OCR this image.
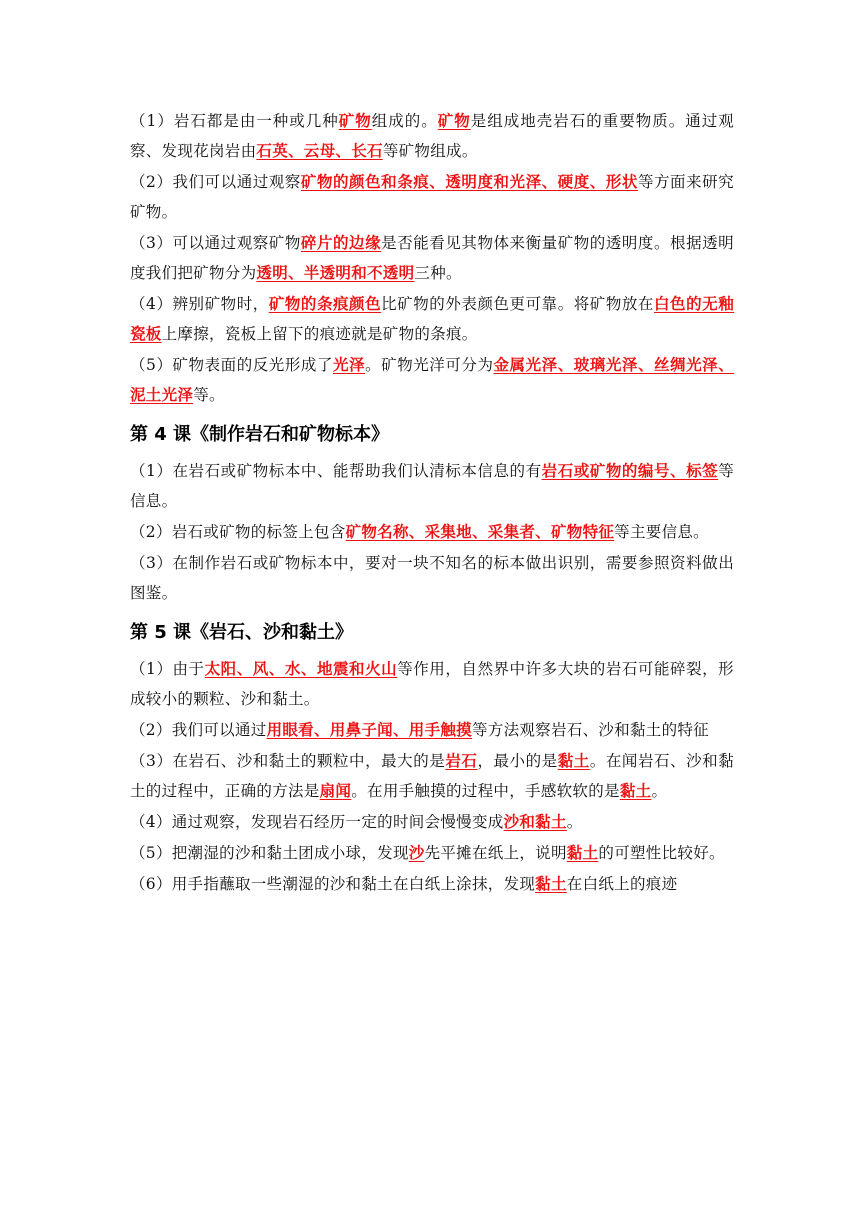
（1）岩石都是由一种或几种矿物组成的。矿物是组成地壳岩石的重要物质。通过观察、发现花岗岩由石英、云母、长石等矿物组成。

（2）我们可以通过观察矿物的颜色和条痕、透明度和光泽、硬度、形状等方面来研究矿物。

（3）可以通过观察矿物碎片的边缘是否能看见其物体来衡量矿物的透明度。根据透明度我们把矿物分为透明、半透明和不透明三种。

（4）辨别矿物时，矿物的条痕颜色比矿物的外表颜色更可靠。将矿物放在白色的无釉瓷板上摩擦，瓷板上留下的痕迹就是矿物的条痕。

（5）矿物表面的反光形成了光泽。矿物光洋可分为金属光泽、玻璃光泽、丝绸光泽、泥土光泽等。

第 4 课《制作岩石和矿物标本》

（1）在岩石或矿物标本中、能帮助我们认清标本信息的有岩石或矿物的编号、标签等信息。

（2）岩石或矿物的标签上包含矿物名称、采集地、采集者、矿物特征等主要信息。

（3）在制作岩石或矿物标本中，要对一块不知名的标本做出识别，需要参照资料做出图鉴。

第 5 课《岩石、沙和黏土》

（1）由于太阳、风、水、地震和火山等作用，自然界中许多大块的岩石可能碎裂，形成较小的颗粒、沙和黏土。

（2）我们可以通过用眼看、用鼻子闻、用手触摸等方法观察岩石、沙和黏土的特征

（3）在岩石、沙和黏土的颗粒中，最大的是岩石，最小的是黏土。在闻岩石、沙和黏土的过程中，正确的方法是扇闻。在用手触摸的过程中，手感软软的是黏土。

（4）通过观察，发现岩石经历一定的时间会慢慢变成沙和黏土。

（5）把潮湿的沙和黏土团成小球，发现沙先平摊在纸上，说明黏土的可塑性比较好。

（6）用手指蘸取一些潮湿的沙和黏土在白纸上涂抹，发现黏土在白纸上的痕迹
